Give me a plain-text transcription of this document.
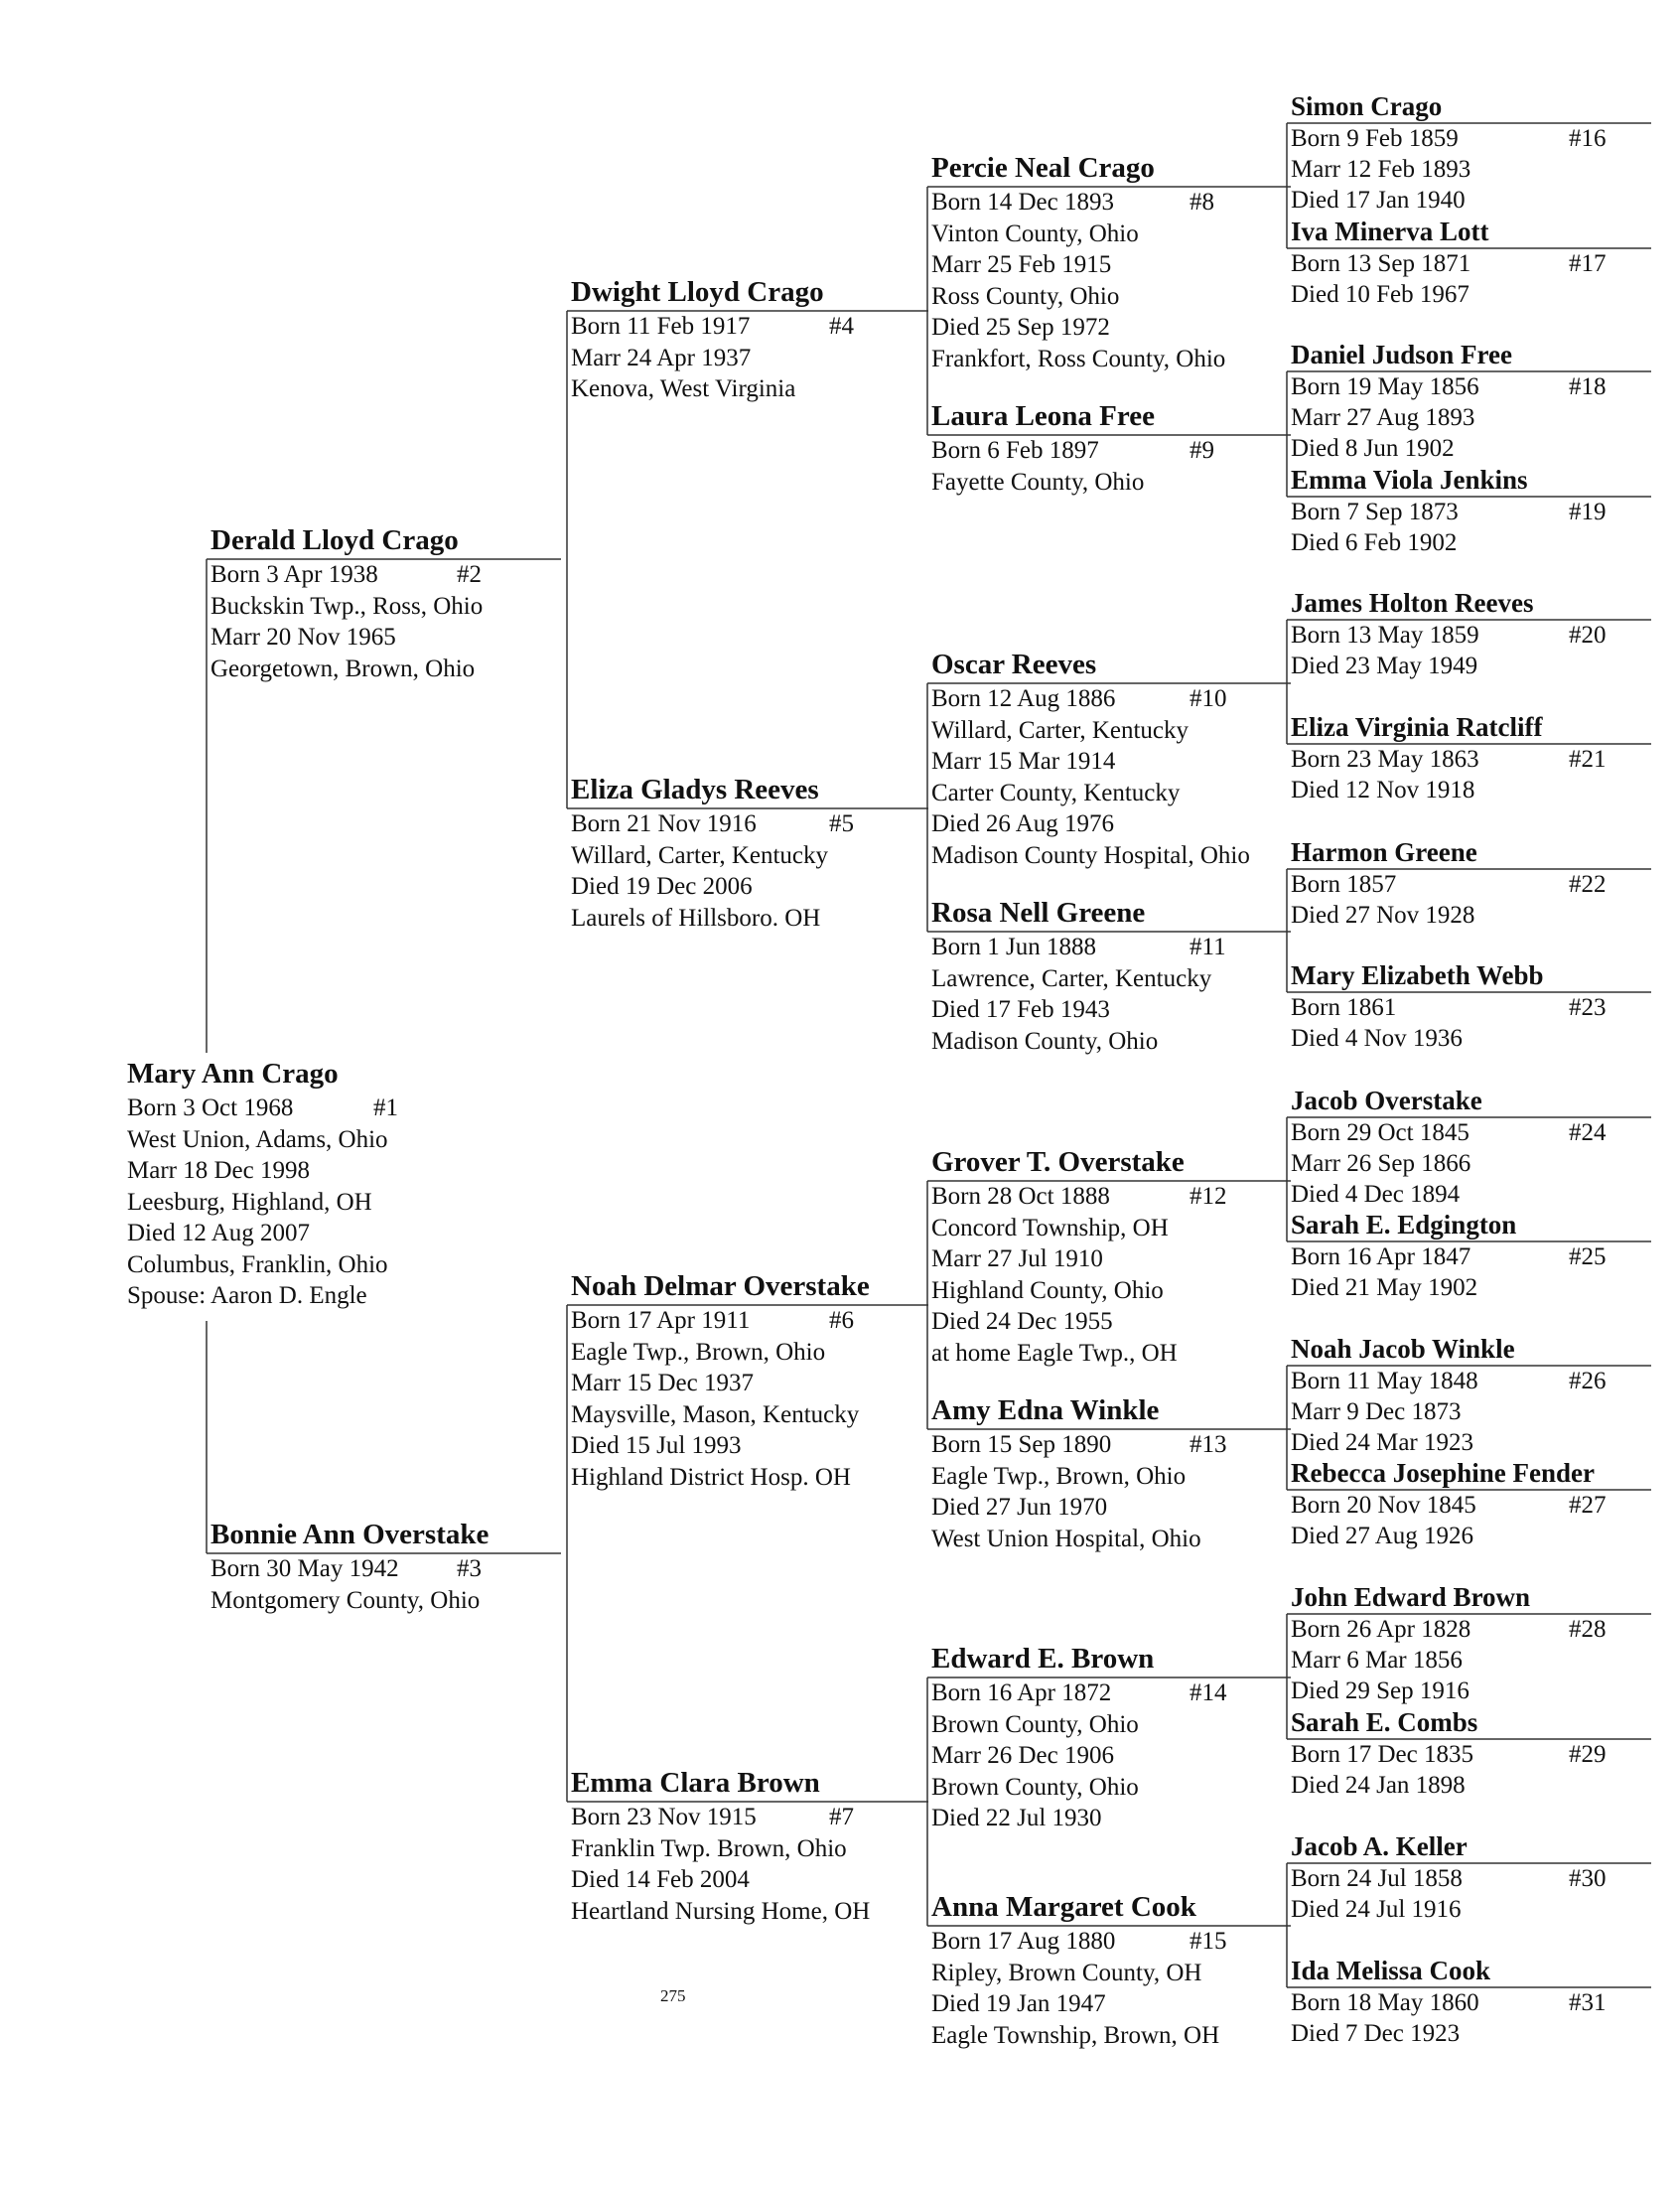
Mary Ann Crago
Born 3 Oct 1968	#1
West Union, Adams, Ohio
Marr 18 Dec 1998
Leesburg, Highland, OH
Died 12 Aug 2007
Columbus, Franklin, Ohio
Spouse: Aaron D. Engle
Derald Lloyd Crago
Born 3 Apr 1938	#2
Buckskin Twp., Ross, Ohio
Marr 20 Nov 1965
Georgetown, Brown, Ohio
Bonnie Ann Overstake
Born 30 May 1942 #3
Montgomery County, Ohio
Dwight Lloyd Crago
Born 11 Feb 1917	#4
Marr 24 Apr 1937
Kenova, West Virginia
Eliza Gladys Reeves
Born 21 Nov 1916	#5
Willard, Carter, Kentucky
Died 19 Dec 2006
Laurels of Hillsboro. OH
Noah Delmar Overstake
Born 17 Apr 1911	#6
Eagle Twp., Brown, Ohio
Marr 15 Dec 1937
Maysville, Mason, Kentucky
Died 15 Jul 1993
Highland District Hosp. OH
Emma Clara Brown
Born 23 Nov 1915	#7
Franklin Twp. Brown, Ohio
Died 14 Feb 2004
Heartland Nursing Home, OH
Percie Neal Crago
Born 14 Dec 1893	#8
Vinton County, Ohio
Marr 25 Feb 1915
Ross County, Ohio
Died 25 Sep 1972
Frankfort, Ross County, Ohio
Laura Leona Free
Born 6 Feb 1897	#9
Fayette County, Ohio
Oscar Reeves
Born 12 Aug 1886	#10
Willard, Carter, Kentucky
Marr 15 Mar 1914
Carter County, Kentucky
Died 26 Aug 1976
Madison County Hospital, Ohio
Rosa Nell Greene
Born 1 Jun 1888	#11
Lawrence, Carter, Kentucky
Died 17 Feb 1943
Madison County, Ohio
Grover T. Overstake
Born 28 Oct 1888	#12
Concord Township, OH
Marr 27 Jul 1910
Highland County, Ohio
Died 24 Dec 1955
at home Eagle Twp., OH
Amy Edna Winkle
Born 15 Sep 1890	#13
Eagle Twp., Brown, Ohio
Died 27 Jun 1970
West Union Hospital, Ohio
Edward E. Brown
Born 16 Apr 1872	#14
Brown County, Ohio
Marr 26 Dec 1906
Brown County, Ohio
Died 22 Jul 1930
Anna Margaret Cook
Born 17 Aug 1880	#15
Ripley, Brown County, OH
Died 19 Jan 1947
Eagle Township, Brown, OH
Simon Crago
Born 9 Feb 1859	#16
Marr 12 Feb 1893
Died 17 Jan 1940
Iva Minerva Lott
Born 13 Sep 1871	#17
Died 10 Feb 1967
Daniel Judson Free
Born 19 May 1856	#18
Marr 27 Aug 1893
Died 8 Jun 1902
Emma Viola Jenkins
Born 7 Sep 1873	#19
Died 6 Feb 1902
James Holton Reeves
Born 13 May 1859	#20
Died 23 May 1949
Eliza Virginia Ratcliff
Born 23 May 1863	#21
Died 12 Nov 1918
Harmon Greene
Born 1857	#22
Died 27 Nov 1928
Mary Elizabeth Webb
Born 1861	#23
Died 4 Nov 1936
Jacob Overstake
Born 29 Oct 1845	#24
Marr 26 Sep 1866
Died 4 Dec 1894
Sarah E. Edgington
Born 16 Apr 1847	#25
Died 21 May 1902
Noah Jacob Winkle
Born 11 May 1848	#26
Marr 9 Dec 1873
Died 24 Mar 1923
Rebecca Josephine Fender
Born 20 Nov 1845	#27
Died 27 Aug 1926
John Edward Brown
Born 26 Apr 1828	#28
Marr 6 Mar 1856
Died 29 Sep 1916
Sarah E. Combs
Born 17 Dec 1835	#29
Died 24 Jan 1898
Jacob A. Keller
Born 24 Jul 1858	#30
Died 24 Jul 1916
Ida Melissa Cook
Born 18 May 1860	#31
Died 7 Dec 1923
275
